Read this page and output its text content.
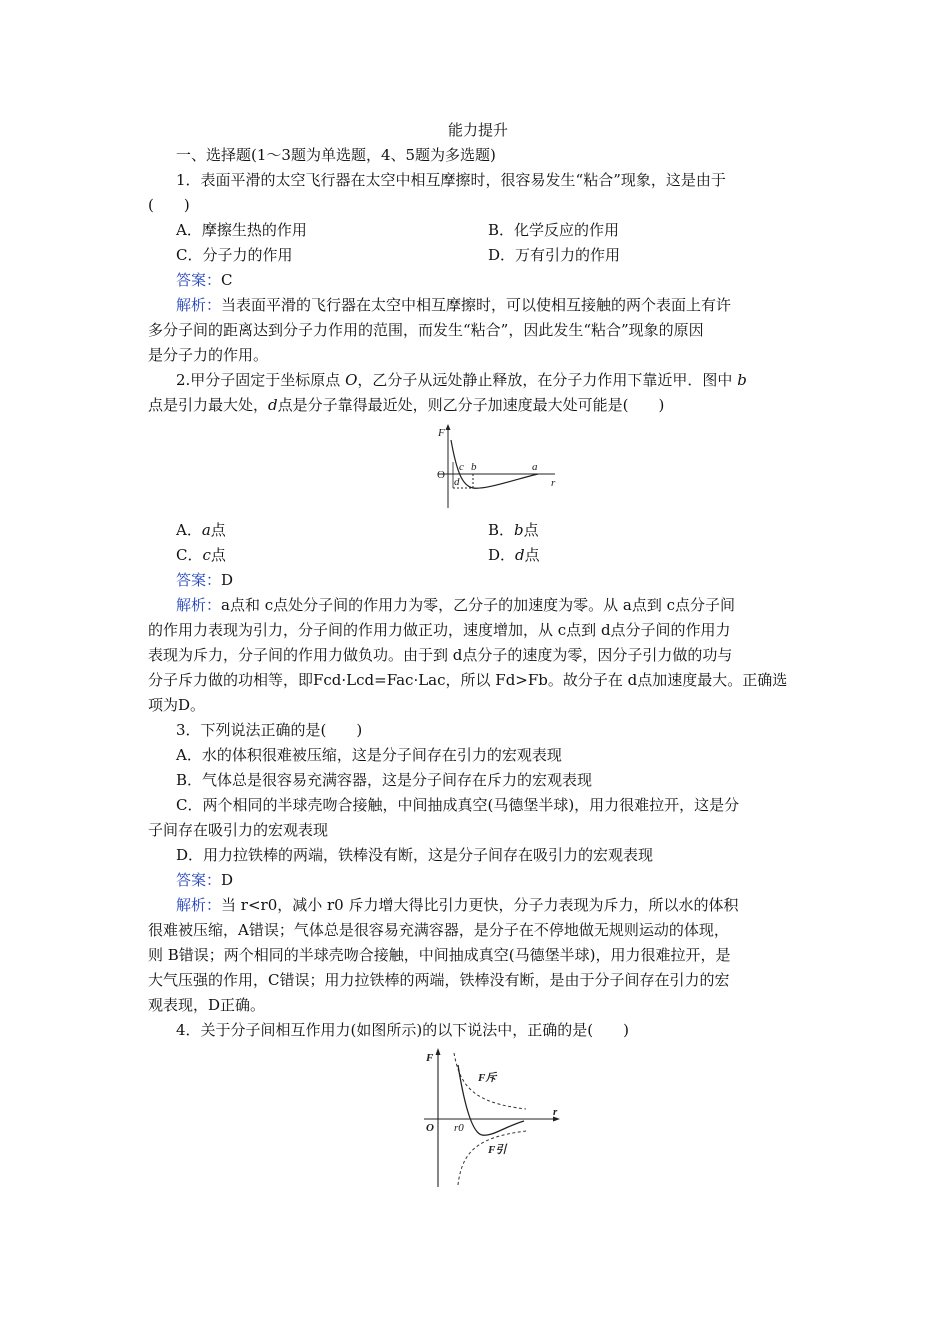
能力提升
一、选择题(1～3题为单选题，4、5题为多选题)
1．表面平滑的太空飞行器在太空中相互摩擦时，很容易发生“粘合”现象，这是由于
(　　)
A．摩擦生热的作用	B．化学反应的作用
C．分子力的作用	D．万有引力的作用
答案：C
解析：当表面平滑的飞行器在太空中相互摩擦时，可以使相互接触的两个表面上有许
多分子间的距离达到分子力作用的范围，而发生“粘合”，因此发生“粘合”现象的原因
是分子力的作用。
2.甲分子固定于坐标原点 O，乙分子从远处静止释放，在分子力作用下靠近甲．图中 b
点是引力最大处，d点是分子靠得最近处，则乙分子加速度最大处可能是(　　)
F
r
O
c b	a
d
A．a点	B．b点
C．c点	D．d点
答案：D
解析：a点和 c点处分子间的作用力为零，乙分子的加速度为零。从 a点到 c点分子间
的作用力表现为引力，分子间的作用力做正功，速度增加，从 c点到 d点分子间的作用力
表现为斥力，分子间的作用力做负功。由于到 d点分子的速度为零，因分子引力做的功与
分子斥力做的功相等，即Fcd·Lcd=Fac·Lac，所以 Fd>Fb。故分子在 d点加速度最大。正确选
项为D。
3．下列说法正确的是(　　)
A．水的体积很难被压缩，这是分子间存在引力的宏观表现
B．气体总是很容易充满容器，这是分子间存在斥力的宏观表现
C．两个相同的半球壳吻合接触，中间抽成真空(马德堡半球)，用力很难拉开，这是分
子间存在吸引力的宏观表现
D．用力拉铁棒的两端，铁棒没有断，这是分子间存在吸引力的宏观表现
答案：D
解析：当 r<r0，减小 r0 斥力增大得比引力更快，分子力表现为斥力，所以水的体积
很难被压缩，A错误；气体总是很容易充满容器，是分子在不停地做无规则运动的体现，
则 B错误；两个相同的半球壳吻合接触，中间抽成真空(马德堡半球)，用力很难拉开，是
大气压强的作用，C错误；用力拉铁棒的两端，铁棒没有断，是由于分子间存在引力的宏
观表现，D正确。
4．关于分子间相互作用力(如图所示)的以下说法中，正确的是(　　)
F
r
O
F斥
F引
r0
